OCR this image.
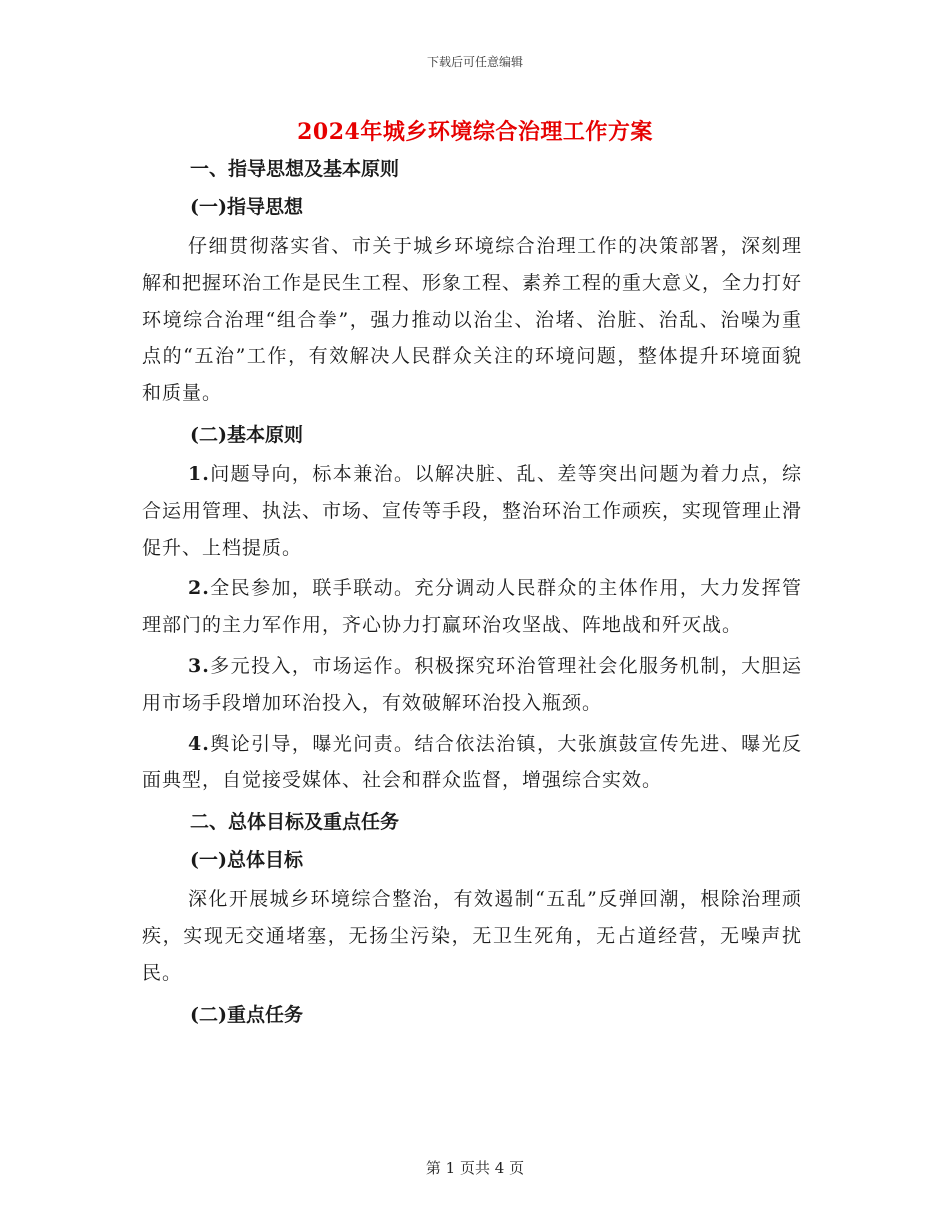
下载后可任意编辑
2024年城乡环境综合治理工作方案
一、指导思想及基本原则
(一)指导思想

仔细贯彻落实省、市关于城乡环境综合治理工作的决策部署，深刻理解和把握环治工作是民生工程、形象工程、素养工程的重大意义，全力打好环境综合治理“组合拳”，强力推动以治尘、治堵、治脏、治乱、治噪为重点的“五治”工作，有效解决人民群众关注的环境问题，整体提升环境面貌和质量。

(二)基本原则

1.问题导向，标本兼治。以解决脏、乱、差等突出问题为着力点，综合运用管理、执法、市场、宣传等手段，整治环治工作顽疾，实现管理止滑促升、上档提质。

2.全民参加，联手联动。充分调动人民群众的主体作用，大力发挥管理部门的主力军作用，齐心协力打赢环治攻坚战、阵地战和歼灭战。

3.多元投入，市场运作。积极探究环治管理社会化服务机制，大胆运用市场手段增加环治投入，有效破解环治投入瓶颈。

4.舆论引导，曝光问责。结合依法治镇，大张旗鼓宣传先进、曝光反面典型，自觉接受媒体、社会和群众监督，增强综合实效。

二、总体目标及重点任务
(一)总体目标

深化开展城乡环境综合整治，有效遏制“五乱”反弹回潮，根除治理顽疾，实现无交通堵塞，无扬尘污染，无卫生死角，无占道经营，无噪声扰民。

(二)重点任务
第 1 页共 4 页
